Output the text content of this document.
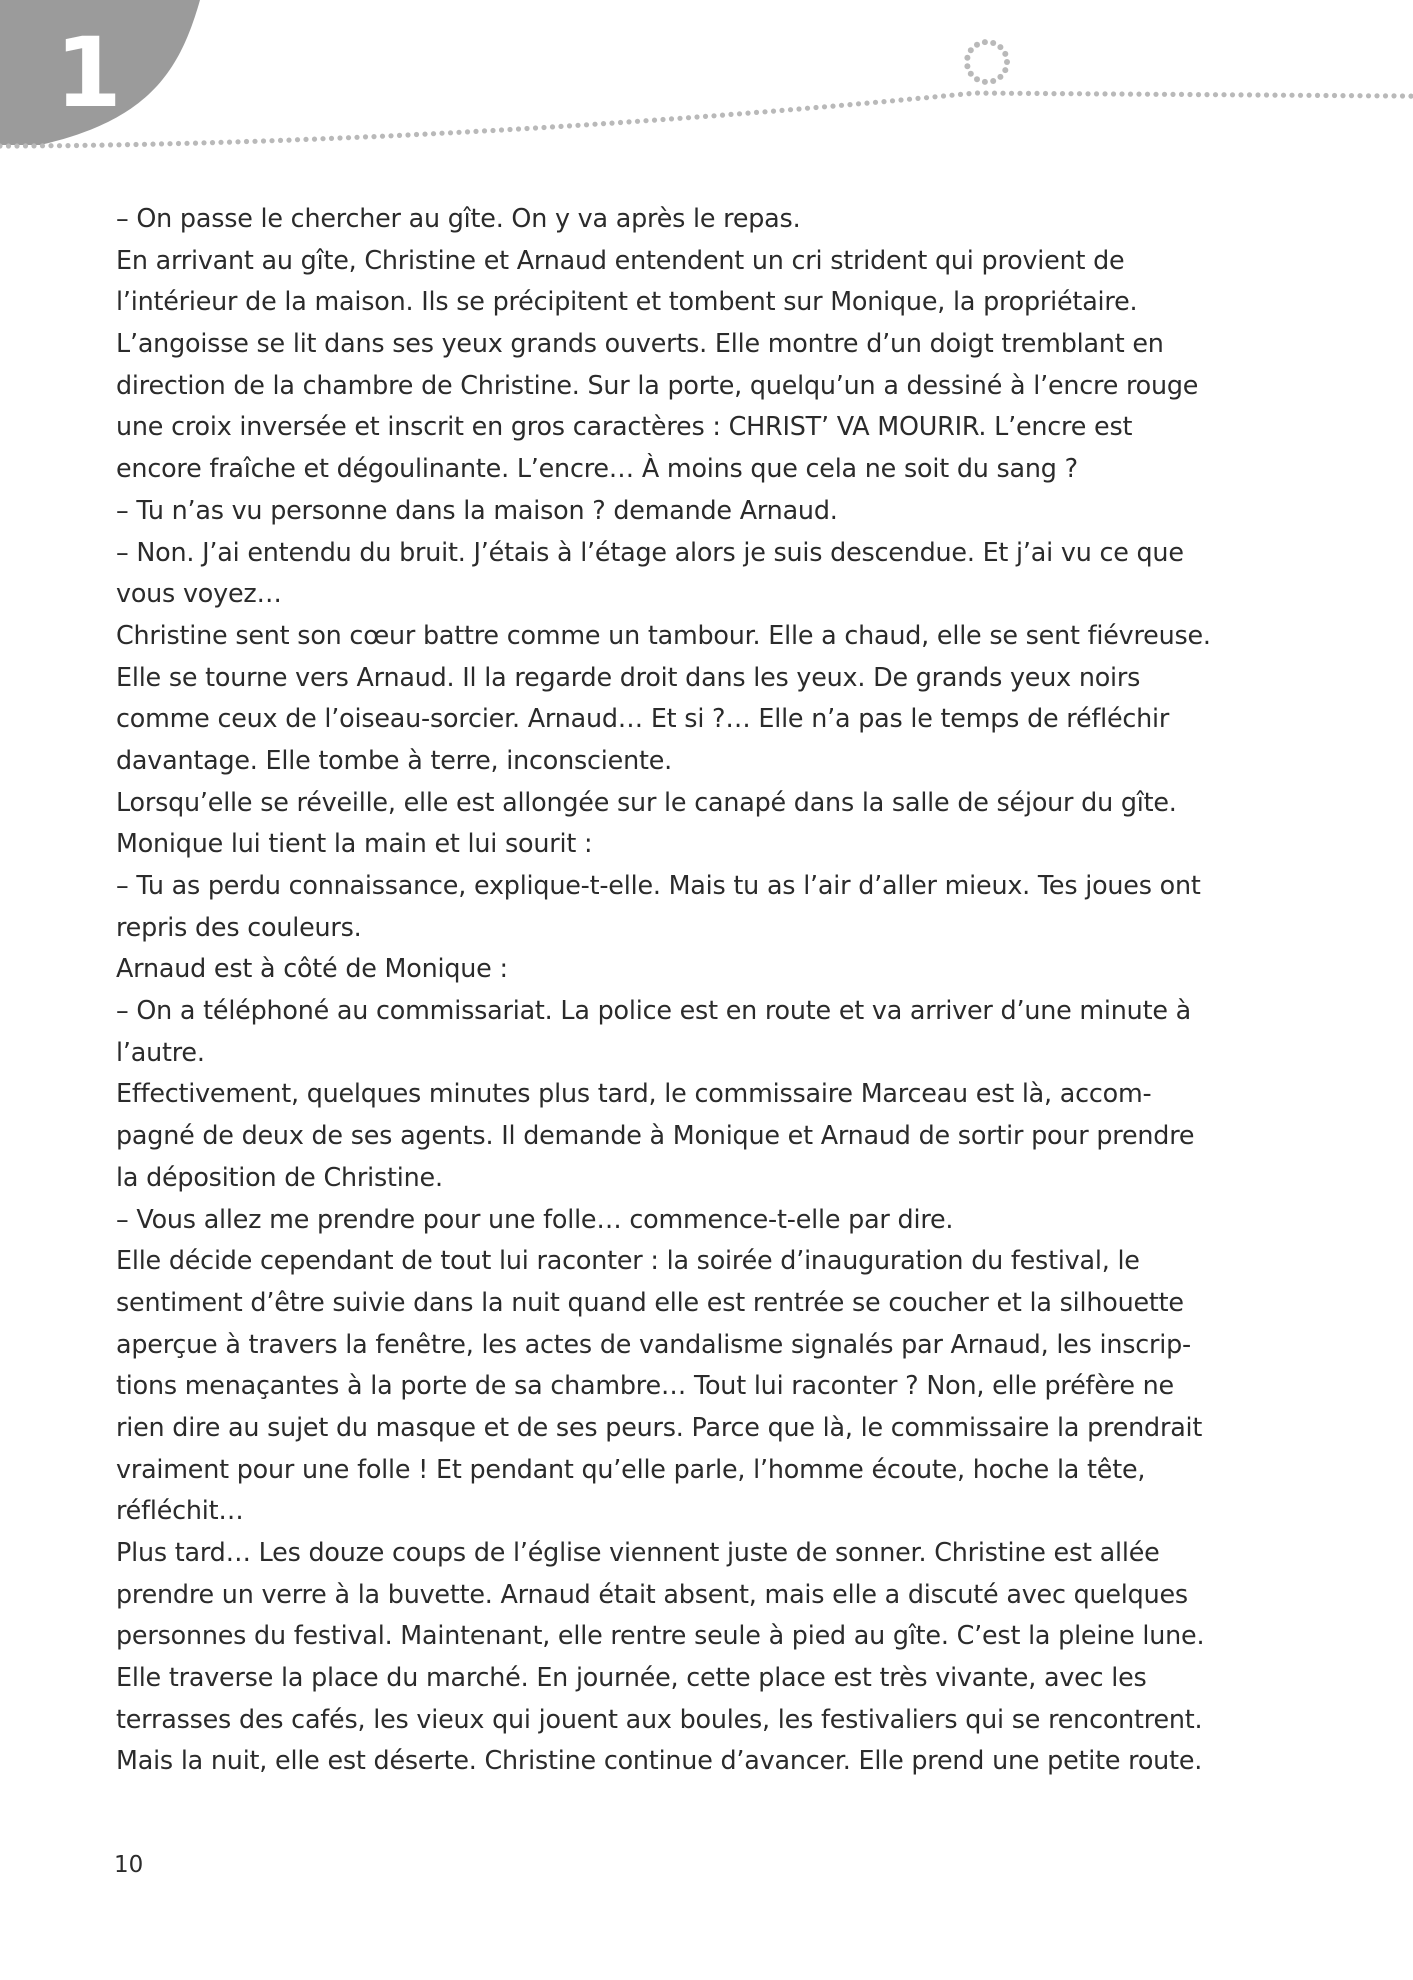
1
– On passe le chercher au gîte. On y va après le repas.
En arrivant au gîte, Christine et Arnaud entendent un cri strident qui provient de
l’intérieur de la maison. Ils se précipitent et tombent sur Monique, la propriétaire.
L’angoisse se lit dans ses yeux grands ouverts. Elle montre d’un doigt tremblant en
direction de la chambre de Christine. Sur la porte, quelqu’un a dessiné à l’encre rouge
une croix inversée et inscrit en gros caractères : CHRIST’ VA MOURIR. L’encre est
encore fraîche et dégoulinante. L’encre… À moins que cela ne soit du sang ?
– Tu n’as vu personne dans la maison ? demande Arnaud.
– Non. J’ai entendu du bruit. J’étais à l’étage alors je suis descendue. Et j’ai vu ce que
vous voyez…
Christine sent son cœur battre comme un tambour. Elle a chaud, elle se sent fiévreuse.
Elle se tourne vers Arnaud. Il la regarde droit dans les yeux. De grands yeux noirs
comme ceux de l’oiseau-sorcier. Arnaud… Et si ?… Elle n’a pas le temps de réfléchir
davantage. Elle tombe à terre, inconsciente.
Lorsqu’elle se réveille, elle est allongée sur le canapé dans la salle de séjour du gîte.
Monique lui tient la main et lui sourit :
– Tu as perdu connaissance, explique-t-elle. Mais tu as l’air d’aller mieux. Tes joues ont
repris des couleurs.
Arnaud est à côté de Monique :
– On a téléphoné au commissariat. La police est en route et va arriver d’une minute à
l’autre.
Effectivement, quelques minutes plus tard, le commissaire Marceau est là, accom-
pagné de deux de ses agents. Il demande à Monique et Arnaud de sortir pour prendre
la déposition de Christine.
– Vous allez me prendre pour une folle… commence-t-elle par dire.
Elle décide cependant de tout lui raconter : la soirée d’inauguration du festival, le
sentiment d’être suivie dans la nuit quand elle est rentrée se coucher et la silhouette
aperçue à travers la fenêtre, les actes de vandalisme signalés par Arnaud, les inscrip-
tions menaçantes à la porte de sa chambre… Tout lui raconter ? Non, elle préfère ne
rien dire au sujet du masque et de ses peurs. Parce que là, le commissaire la prendrait
vraiment pour une folle ! Et pendant qu’elle parle, l’homme écoute, hoche la tête,
réfléchit…
Plus tard… Les douze coups de l’église viennent juste de sonner. Christine est allée
prendre un verre à la buvette. Arnaud était absent, mais elle a discuté avec quelques
personnes du festival. Maintenant, elle rentre seule à pied au gîte. C’est la pleine lune.
Elle traverse la place du marché. En journée, cette place est très vivante, avec les
terrasses des cafés, les vieux qui jouent aux boules, les festivaliers qui se rencontrent.
Mais la nuit, elle est déserte. Christine continue d’avancer. Elle prend une petite route.
10
